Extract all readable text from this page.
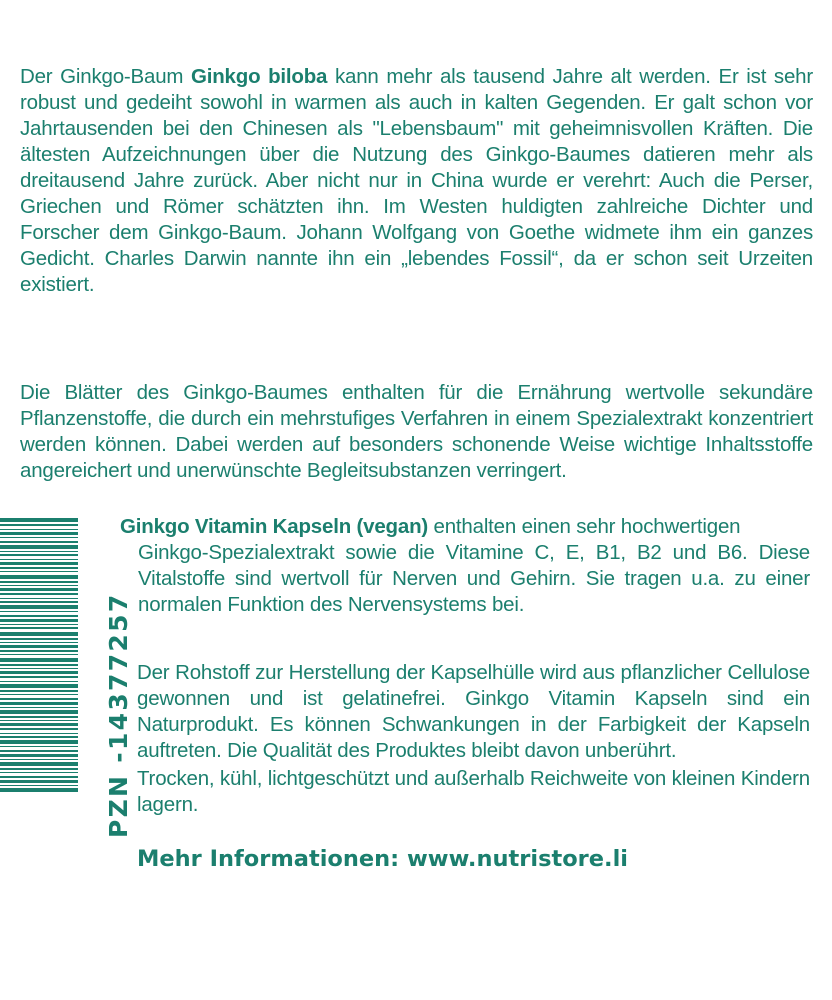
Der Ginkgo-Baum Ginkgo biloba kann mehr als tausend Jahre alt werden. Er ist sehr robust und gedeiht sowohl in warmen als auch in kalten Gegenden. Er galt schon vor Jahrtausenden bei den Chinesen als "Lebensbaum" mit geheimnisvollen Kräften. Die ältesten Aufzeichnungen über die Nutzung des Ginkgo-Baumes datieren mehr als dreitausend Jahre zurück. Aber nicht nur in China wurde er verehrt: Auch die Perser, Griechen und Römer schätzten ihn. Im Westen huldigten zahlreiche Dichter und Forscher dem Ginkgo-Baum. Johann Wolfgang von Goethe widmete ihm ein ganzes Gedicht. Charles Darwin nannte ihn ein „lebendes Fossil“, da er schon seit Urzeiten existiert.

Die Blätter des Ginkgo-Baumes enthalten für die Ernährung wertvolle sekundäre Pflanzenstoffe, die durch ein mehrstufiges Verfahren in einem Spezialextrakt konzentriert werden können. Dabei werden auf besonders schonende Weise wichtige Inhaltsstoffe angereichert und unerwünschte Begleitsubstanzen verringert.

PZN -14377257

Ginkgo Vitamin Kapseln (vegan) enthalten einen sehr hochwertigen
Ginkgo-Spezialextrakt sowie die Vitamine C, E, B1, B2 und B6. Diese Vitalstoffe sind wertvoll für Nerven und Gehirn. Sie tragen u.a. zu einer normalen Funktion des Nervensystems bei.

Der Rohstoff zur Herstellung der Kapselhülle wird aus pflanzlicher Cellulose gewonnen und ist gelatinefrei. Ginkgo Vitamin Kapseln sind ein Naturprodukt. Es können Schwankungen in der Farbigkeit der Kapseln auftreten. Die Qualität des Produktes bleibt davon unberührt.

Trocken, kühl, lichtgeschützt und außerhalb Reichweite von kleinen Kindern lagern.

Mehr Informationen: www.nutristore.li
